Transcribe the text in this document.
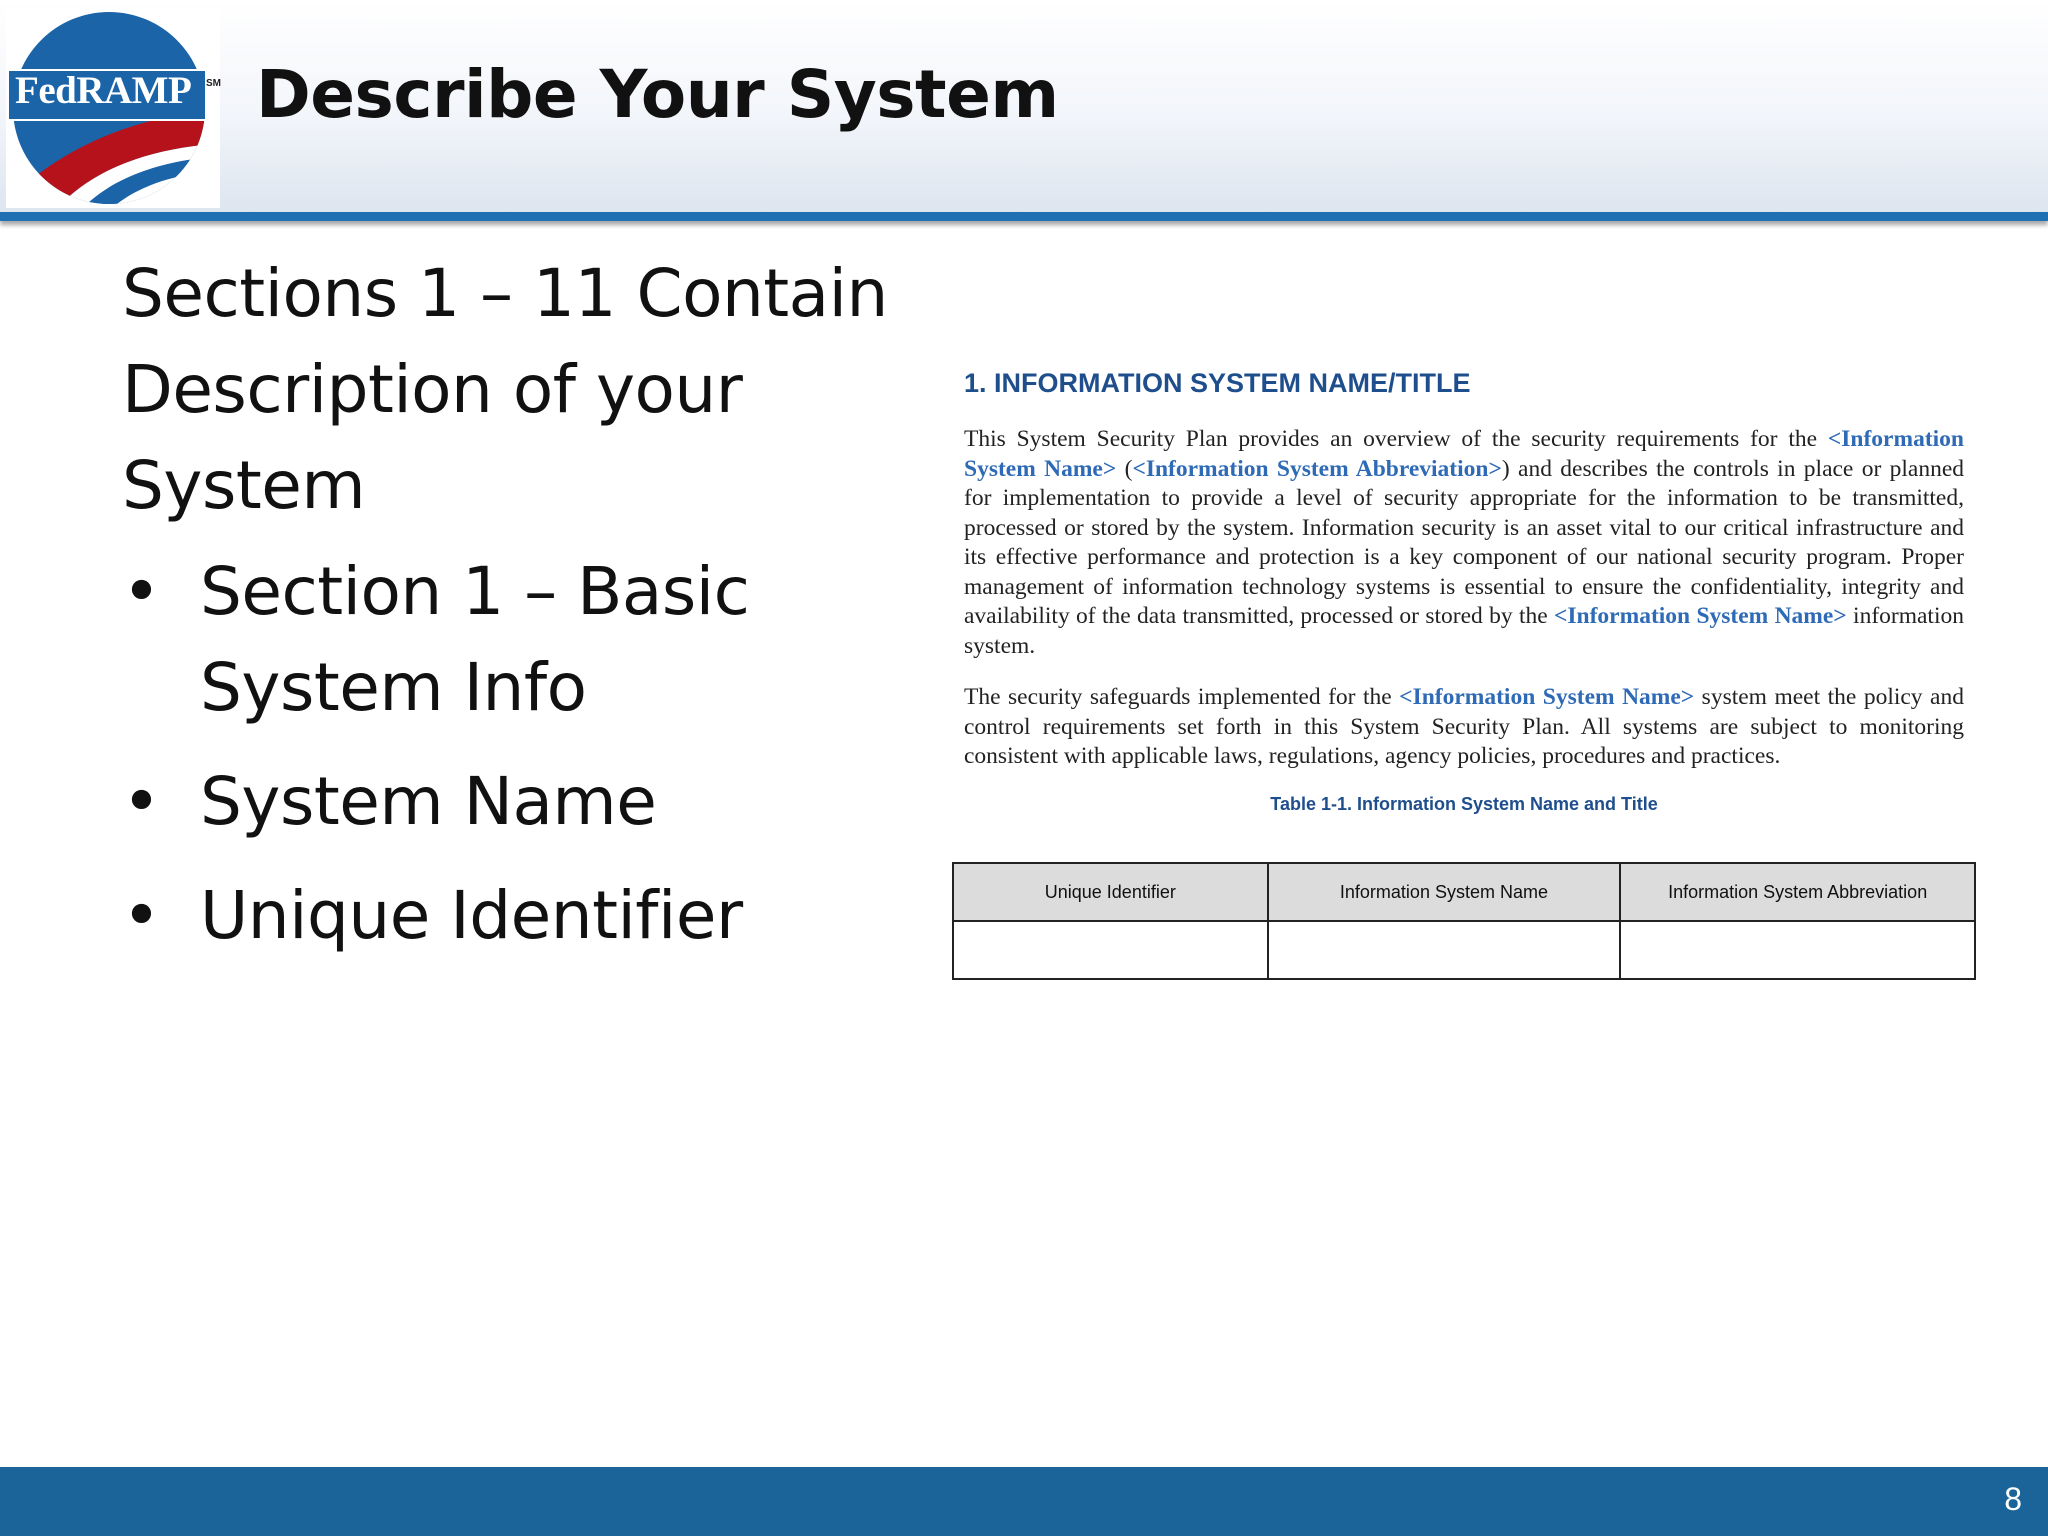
FedRAMP SM Describe Your System

Sections 1 – 11 Contain Description of your System

• Section 1 – Basic System Info
• System Name
• Unique Identifier
1. INFORMATION SYSTEM NAME/TITLE

This System Security Plan provides an overview of the security requirements for the <Information System Name> (<Information System Abbreviation>) and describes the controls in place or planned for implementation to provide a level of security appropriate for the information to be transmitted, processed or stored by the system. Information security is an asset vital to our critical infrastructure and its effective performance and protection is a key component of our national security program. Proper management of information technology systems is essential to ensure the confidentiality, integrity and availability of the data transmitted, processed or stored by the <Information System Name> information system.

The security safeguards implemented for the <Information System Name> system meet the policy and control requirements set forth in this System Security Plan. All systems are subject to monitoring consistent with applicable laws, regulations, agency policies, procedures and practices.

Table 1-1. Information System Name and Title

Unique Identifier	Information System Name	Information System Abbreviation

8
